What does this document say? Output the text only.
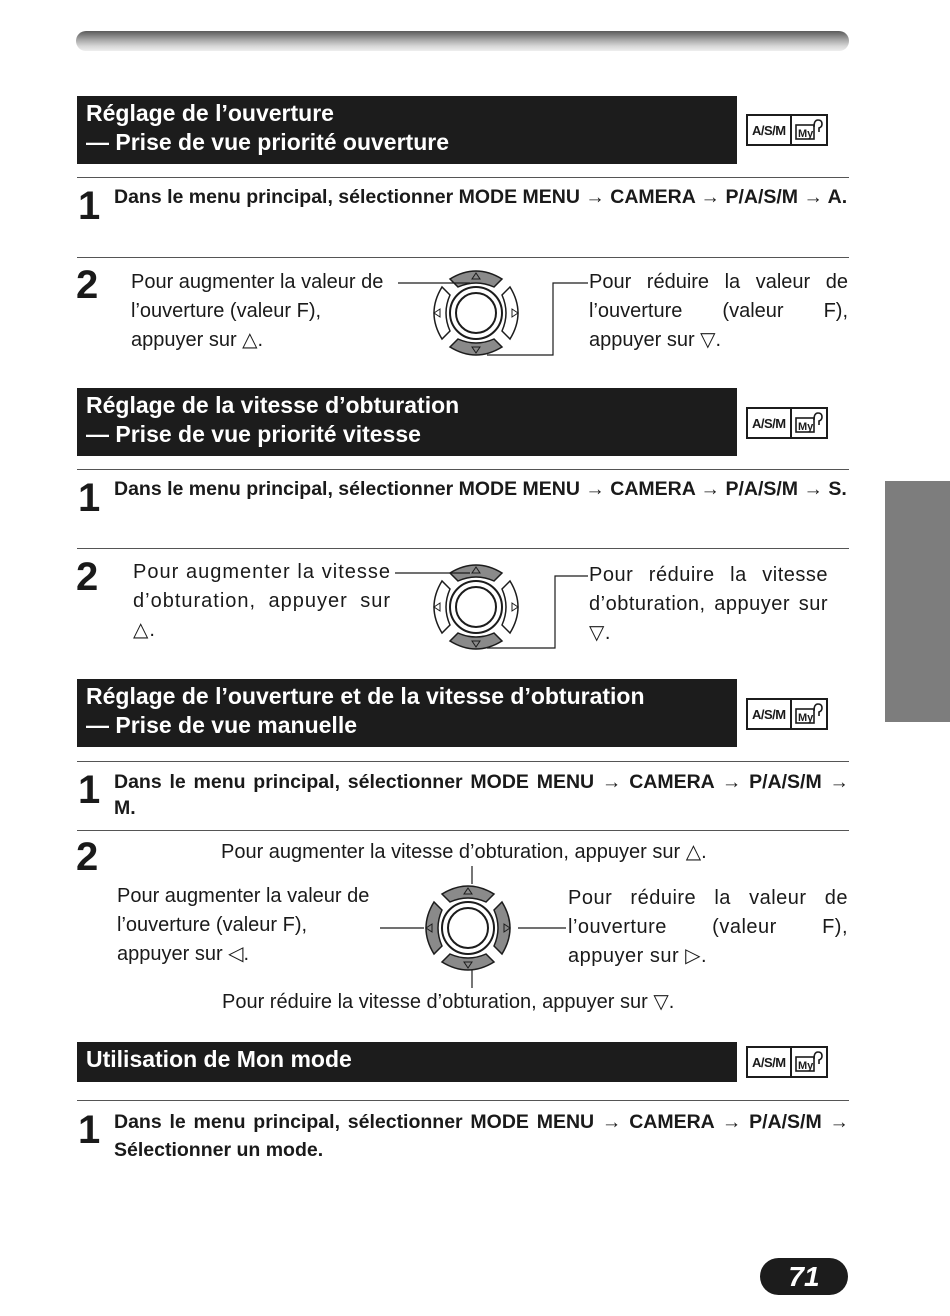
Réglage de l’ouverture
— Prise de vue priorité ouverture	A/S/M	My
1 Dans le menu principal, sélectionner MODE MENU → CAMERA → P/A/S/M → A.
2 Pour augmenter la valeur de l’ouverture (valeur F), appuyer sur △.
Pour réduire la valeur de l’ouverture (valeur F), appuyer sur ▽.
Réglage de la vitesse d’obturation
— Prise de vue priorité vitesse	A/S/M	My
1 Dans le menu principal, sélectionner MODE MENU → CAMERA → P/A/S/M → S.
2 Pour augmenter la vitesse d’obturation, appuyer sur △.
Pour réduire la vitesse d’obturation, appuyer sur ▽.
Réglage de l’ouverture et de la vitesse d’obturation
— Prise de vue manuelle	A/S/M	My
1 Dans le menu principal, sélectionner MODE MENU → CAMERA → P/A/S/M → M.
2	Pour augmenter la vitesse d’obturation, appuyer sur △.
Pour augmenter la valeur de l’ouverture (valeur F), appuyer sur ◁.
Pour réduire la valeur de l’ouverture (valeur F), appuyer sur ▷.
Pour réduire la vitesse d’obturation, appuyer sur ▽.
Utilisation de Mon mode	A/S/M	My
1 Dans le menu principal, sélectionner MODE MENU → CAMERA → P/A/S/M → Sélectionner un mode.
71
